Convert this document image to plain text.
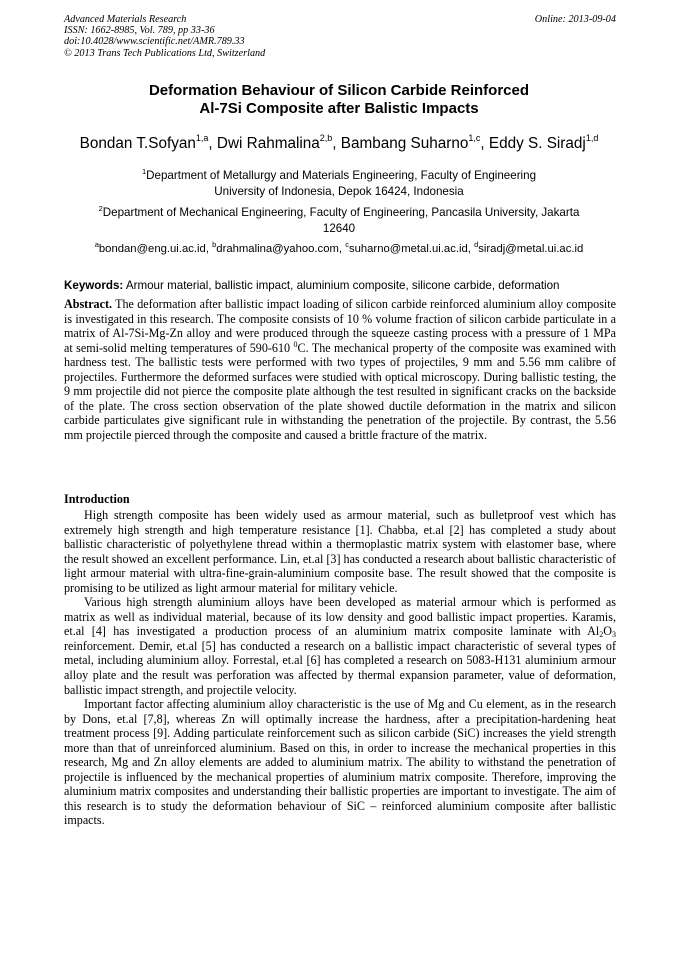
Advanced Materials Research
ISSN: 1662-8985, Vol. 789, pp 33-36
doi:10.4028/www.scientific.net/AMR.789.33
© 2013 Trans Tech Publications Ltd, Switzerland
Online: 2013-09-04
Deformation Behaviour of Silicon Carbide Reinforced
Al-7Si Composite after Balistic Impacts
Bondan T.Sofyan$^{1,a}$, Dwi Rahmalina$^{2,b}$, Bambang Suharno$^{1,c}$, Eddy S. Siradj$^{1,d}$
$^1$Department of Metallurgy and Materials Engineering, Faculty of Engineering
University of Indonesia, Depok 16424, Indonesia
$^2$Department of Mechanical Engineering, Faculty of Engineering, Pancasila University, Jakarta
12640
$^a$bondan@eng.ui.ac.id, $^b$drahmalina@yahoo.com, $^c$suharno@metal.ui.ac.id, $^d$siradj@metal.ui.ac.id
Keywords: Armour material, ballistic impact, aluminium composite, silicone carbide, deformation

Abstract. The deformation after ballistic impact loading of silicon carbide reinforced aluminium alloy composite is investigated in this research. The composite consists of 10 % volume fraction of silicon carbide particulate in a matrix of Al-7Si-Mg-Zn alloy and were produced through the squeeze casting process with a pressure of 1 MPa at semi-solid melting temperatures of 590-610 $^0$C. The mechanical property of the composite was examined with hardness test. The ballistic tests were performed with two types of projectiles, 9 mm and 5.56 mm calibre of projectiles. Furthermore the deformed surfaces were studied with optical microscopy. During ballistic testing, the 9 mm projectile did not pierce the composite plate although the test resulted in significant cracks on the backside of the plate. The cross section observation of the plate showed ductile deformation in the matrix and silicon carbide particulates give significant rule in withstanding the penetration of the projectile. By contrast, the 5.56 mm projectile pierced through the composite and caused a brittle fracture of the matrix.

Introduction

High strength composite has been widely used as armour material, such as bulletproof vest which has extremely high strength and high temperature resistance [1]. Chabba, et.al [2] has completed a study about ballistic characteristic of polyethylene thread within a thermoplastic matrix system with elastomer base, where the result showed an excellent performance. Lin, et.al [3] has conducted a research about ballistic characteristic of light armour material with ultra-fine-grain-aluminium composite base. The result showed that the composite is promising to be utilized as light armour material for military vehicle.

Various high strength aluminium alloys have been developed as material armour which is performed as matrix as well as individual material, because of its low density and good ballistic impact properties. Karamis, et.al [4] has investigated a production process of an aluminium matrix composite laminate with $Al_2O_3$ reinforcement. Demir, et.al [5] has conducted a research on a ballistic impact characteristic of several types of metal, including aluminium alloy. Forrestal, et.al [6] has completed a research on 5083-H131 aluminium armour alloy plate and the result was perforation was affected by thermal expansion parameter, value of deformation, ballistic impact strength, and projectile velocity.

Important factor affecting aluminium alloy characteristic is the use of Mg and Cu element, as in the research by Dons, et.al [7,8], whereas Zn will optimally increase the hardness, after a precipitation-hardening heat treatment process [9]. Adding particulate reinforcement such as silicon carbide (SiC) increases the yield strength more than that of unreinforced aluminium. Based on this, in order to increase the mechanical properties in this research, Mg and Zn alloy elements are added to aluminium matrix. The ability to withstand the penetration of projectile is influenced by the mechanical properties of aluminium matrix composite. Therefore, improving the aluminium matrix composites and understanding their ballistic properties are important to investigate. The aim of this research is to study the deformation behaviour of SiC – reinforced aluminium composite after ballistic impacts.
